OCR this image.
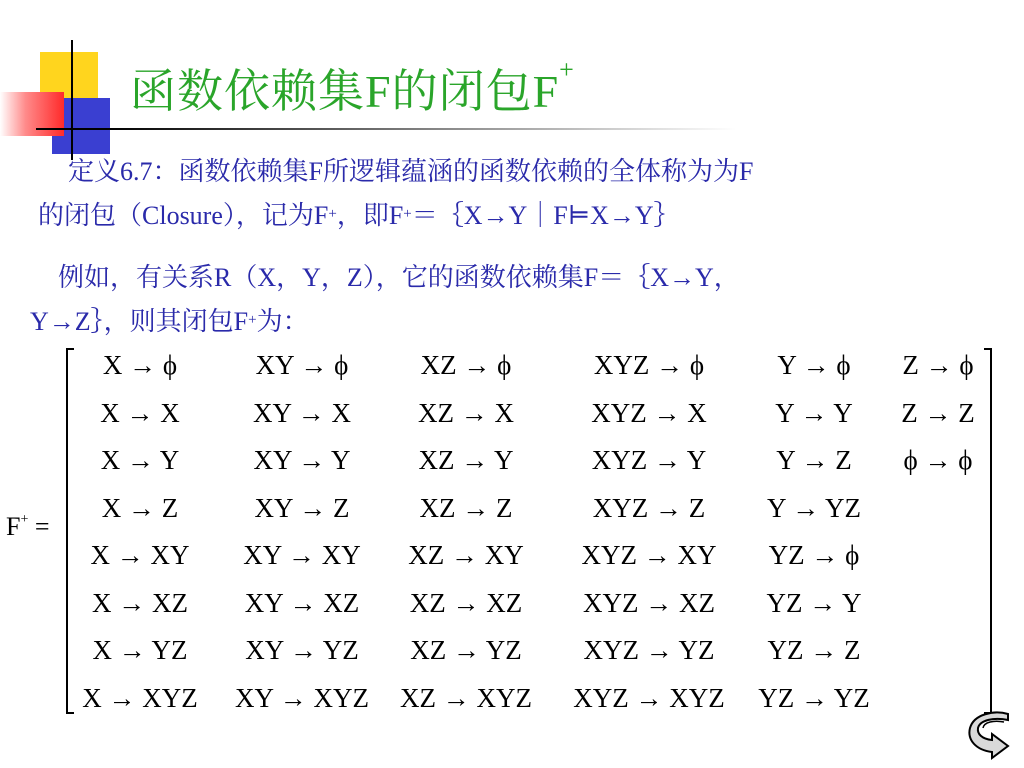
函数依赖集F的闭包F+
定义6.7：函数依赖集F所逻辑蕴涵的函数依赖的全体称为为F
的闭包（Closure），记为F+，即F+＝｛X→Y｜F⊨X→Y｝
例如，有关系R（X，Y，Z），它的函数依赖集F＝｛X→Y，
Y→Z｝，则其闭包F+为：
F+ =
X → ϕ
X → X
X → Y
X → Z
X → XY
X → XZ
X → YZ
X → XYZ
XY → ϕ
XY → X
XY → Y
XY → Z
XY → XY
XY → XZ
XY → YZ
XY → XYZ
XZ → ϕ
XZ → X
XZ → Y
XZ → Z
XZ → XY
XZ → XZ
XZ → YZ
XZ → XYZ
XYZ → ϕ
XYZ → X
XYZ → Y
XYZ → Z
XYZ → XY
XYZ → XZ
XYZ → YZ
XYZ → XYZ
Y → ϕ
Y → Y
Y → Z
Y → YZ
YZ → ϕ
YZ → Y
YZ → Z
YZ → YZ
Z → ϕ
Z → Z
ϕ → ϕ
